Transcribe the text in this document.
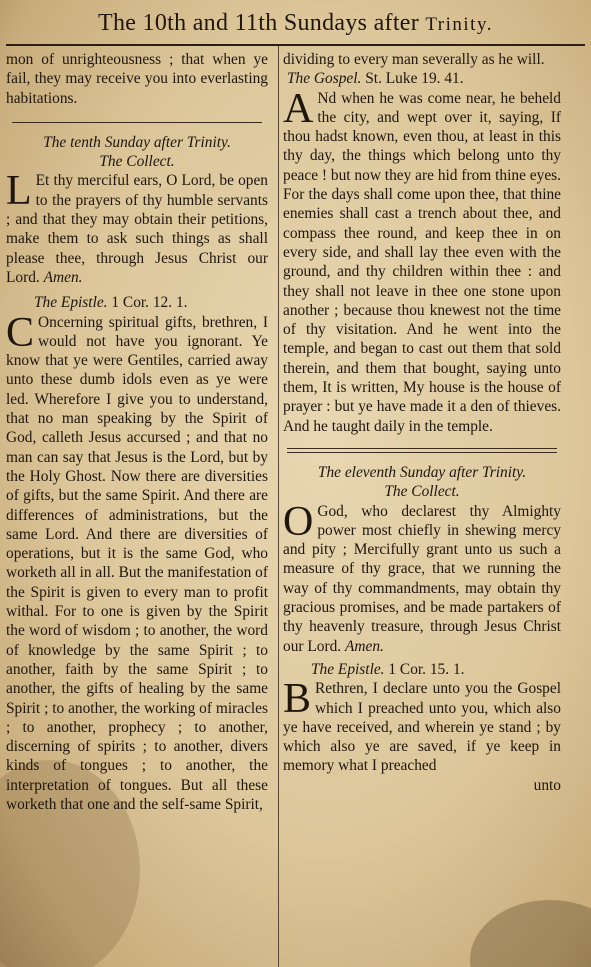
The 10th and 11th Sundays after Trinity.

mon of unrighteousness ; that when ye fail, they may receive you into everlasting habitations.

The tenth Sunday after Trinity.

The Collect.

L Et thy merciful ears, O Lord, be open to the prayers of thy humble servants ; and that they may obtain their petitions, make them to ask such things as shall please thee, through Jesus Christ our Lord. Amen.

The Epistle. 1 Cor. 12. 1.

C Oncerning spiritual gifts, brethren, I would not have you ignorant. Ye know that ye were Gentiles, carried away unto these dumb idols even as ye were led. Wherefore I give you to understand, that no man speaking by the Spirit of God, calleth Jesus accursed ; and that no man can say that Jesus is the Lord, but by the Holy Ghost. Now there are diversities of gifts, but the same Spirit. And there are differences of administrations, but the same Lord. And there are diversities of operations, but it is the same God, who worketh all in all. But the manifestation of the Spirit is given to every man to profit withal. For to one is given by the Spirit the word of wisdom ; to another, the word of knowledge by the same Spirit ; to another, faith by the same Spirit ; to another, the gifts of healing by the same Spirit ; to another, the working of miracles ; to another, prophecy ; to another, discerning of spirits ; to another, divers kinds of tongues ; to another, the interpretation of tongues. But all these worketh that one and the self-same Spirit,

dividing to every man severally as he will.

The Gospel. St. Luke 19. 41.

A Nd when he was come near, he beheld the city, and wept over it, saying, If thou hadst known, even thou, at least in this thy day, the things which belong unto thy peace ! but now they are hid from thine eyes. For the days shall come upon thee, that thine enemies shall cast a trench about thee, and compass thee round, and keep thee in on every side, and shall lay thee even with the ground, and thy children within thee : and they shall not leave in thee one stone upon another ; because thou knewest not the time of thy visitation. And he went into the temple, and began to cast out them that sold therein, and them that bought, saying unto them, It is written, My house is the house of prayer : but ye have made it a den of thieves. And he taught daily in the temple.

The eleventh Sunday after Trinity.

The Collect.

O God, who declarest thy Almighty power most chiefly in shewing mercy and pity ; Mercifully grant unto us such a measure of thy grace, that we running the way of thy commandments, may obtain thy gracious promises, and be made partakers of thy heavenly treasure, through Jesus Christ our Lord. Amen.

The Epistle. 1 Cor. 15. 1.

B Rethren, I declare unto you the Gospel which I preached unto you, which also ye have received, and wherein ye stand ; by which also ye are saved, if ye keep in memory what I preached

unto
